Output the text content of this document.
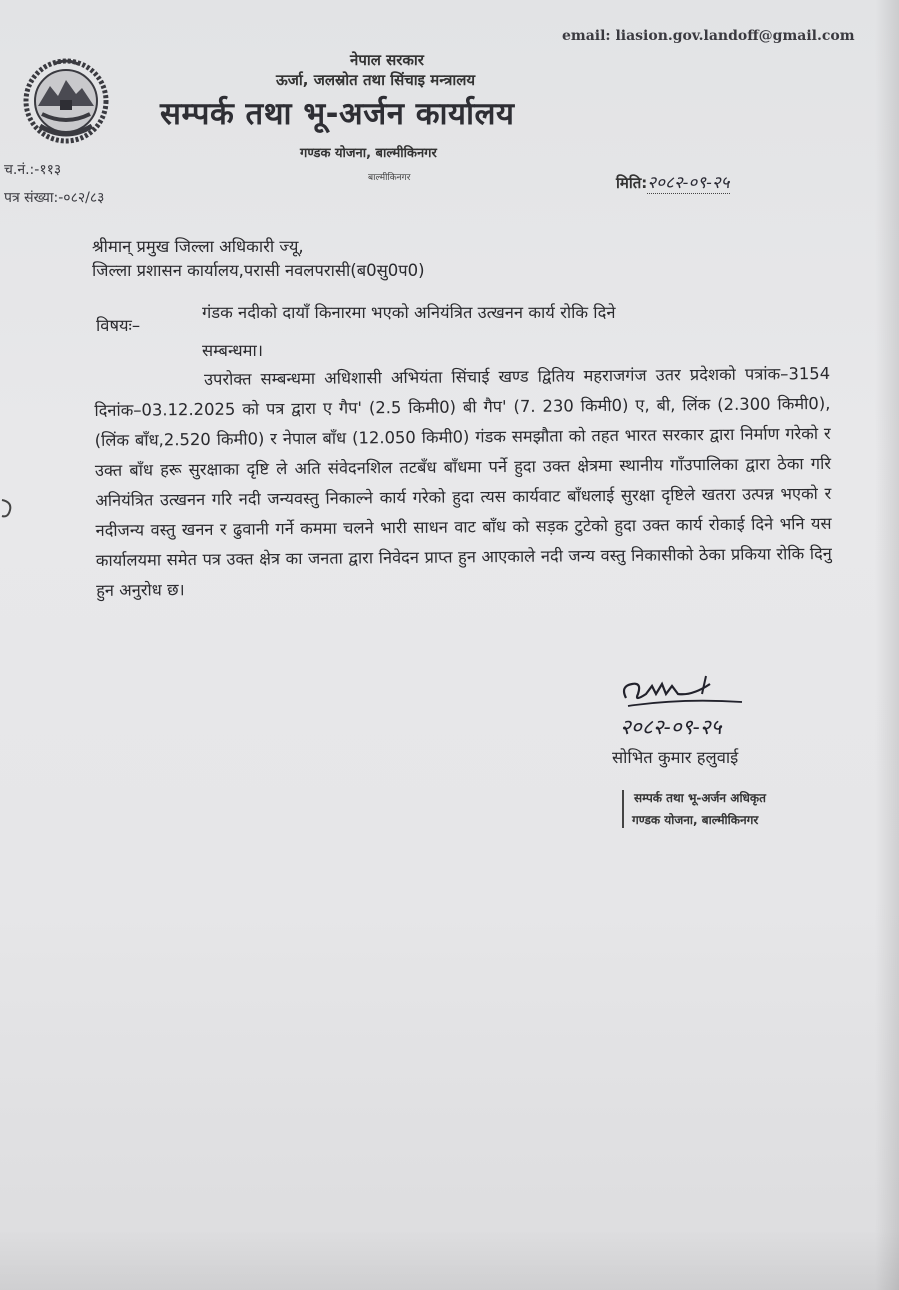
email: liasion.gov.landoff@gmail.com
नेपाल सरकार
ऊर्जा, जलस्रोत तथा सिंचाइ मन्त्रालय
सम्पर्क तथा भू-अर्जन कार्यालय
गण्डक योजना, बाल्मीकिनगर
बाल्मीकिनगर
च.नं.:-११३
पत्र संख्या:-०८२/८३
मिति:२०८२-०९-२५
श्रीमान् प्रमुख जिल्ला अधिकारी ज्यू,
जिल्ला प्रशासन कार्यालय,परासी नवलपरासी(ब0सु0प0)
विषयः–
गंडक नदीको दायाँ किनारमा भएको अनियंत्रित उत्खनन कार्य रोकि दिने
सम्बन्धमा।
उपरोक्त सम्बन्धमा अधिशासी अभियंता सिंचाई खण्ड द्वितिय महराजगंज उतर प्रदेशको पत्रांक–3154 दिनांक–03.12.2025 को पत्र द्वारा ए गैप' (2.5 किमी0) बी गैप' (7. 230 किमी0) ए, बी, लिंक (2.300 किमी0), (लिंक बाँध,2.520 किमी0) र नेपाल बाँध (12.050 किमी0) गंडक समझौता को तहत भारत सरकार द्वारा निर्माण गरेको र उक्त बाँध हरू सुरक्षाका दृष्टि ले अति संवेदनशिल तटबँध बाँधमा पर्ने हुदा उक्त क्षेत्रमा स्थानीय गाँउपालिका द्वारा ठेका गरि अनियंत्रित उत्खनन गरि नदी जन्यवस्तु निकाल्ने कार्य गरेको हुदा त्यस कार्यवाट बाँधलाई सुरक्षा दृष्टिले खतरा उत्पन्न भएको र नदीजन्य वस्तु खनन र ढुवानी गर्ने कममा चलने भारी साधन वाट बाँध को सड़क टुटेको हुदा उक्त कार्य रोकाई दिने भनि यस कार्यालयमा समेत पत्र उक्त क्षेत्र का जनता द्वारा निवेदन प्राप्त हुन आएकाले नदी जन्य वस्तु निकासीको ठेका प्रकिया रोकि दिनु हुन अनुरोध छ।
२०८२-०९-२५
सोभित कुमार हलुवाई
सम्पर्क तथा भू-अर्जन अधिकृत
गण्डक योजना, बाल्मीकिनगर
